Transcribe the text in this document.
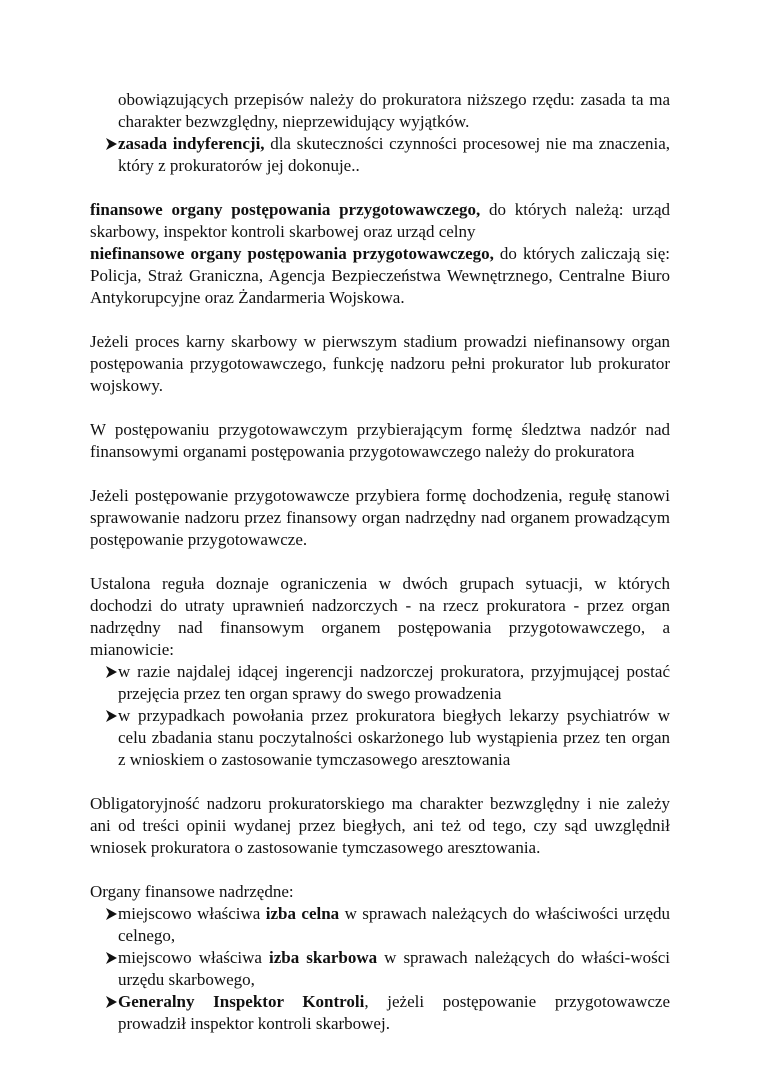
obowiązujących przepisów należy do prokuratora niższego rzędu: zasada ta ma charakter bezwzględny, nieprzewidujący wyjątków.

zasada indyferencji, dla skuteczności czynności procesowej nie ma znaczenia, który z prokuratorów jej dokonuje..

finansowe organy postępowania przygotowawczego, do których należą: urząd skarbowy, inspektor kontroli skarbowej oraz urząd celny

niefinansowe organy postępowania przygotowawczego, do których zaliczają się: Policja, Straż Graniczna, Agencja Bezpieczeństwa Wewnętrznego, Centralne Biuro Antykorupcyjne oraz Żandarmeria Wojskowa.

Jeżeli proces karny skarbowy w pierwszym stadium prowadzi niefinansowy organ postępowania przygotowawczego, funkcję nadzoru pełni prokurator lub prokurator wojskowy.

W postępowaniu przygotowawczym przybierającym formę śledztwa nadzór nad finansowymi organami postępowania przygotowawczego należy do prokuratora

Jeżeli postępowanie przygotowawcze przybiera formę dochodzenia, regułę stanowi sprawowanie nadzoru przez finansowy organ nadrzędny nad organem prowadzącym postępowanie przygotowawcze.

Ustalona reguła doznaje ograniczenia w dwóch grupach sytuacji, w których dochodzi do utraty uprawnień nadzorczych - na rzecz prokuratora - przez organ nadrzędny nad finansowym organem postępowania przygotowawczego, a mianowicie:

w razie najdalej idącej ingerencji nadzorczej prokuratora, przyjmującej postać przejęcia przez ten organ sprawy do swego prowadzenia
w przypadkach powołania przez prokuratora biegłych lekarzy psychiatrów w celu zbadania stanu poczytalności oskarżonego lub wystąpienia przez ten organ z wnioskiem o zastosowanie tymczasowego aresztowania

Obligatoryjność nadzoru prokuratorskiego ma charakter bezwzględny i nie zależy ani od treści opinii wydanej przez biegłych, ani też od tego, czy sąd uwzględnił wniosek prokuratora o zastosowanie tymczasowego aresztowania.

Organy finansowe nadrzędne:

miejscowo właściwa izba celna w sprawach należących do właściwości urzędu celnego,
miejscowo właściwa izba skarbowa w sprawach należących do właści-wości urzędu skarbowego,
Generalny Inspektor Kontroli, jeżeli postępowanie przygotowawcze prowadził inspektor kontroli skarbowej.
